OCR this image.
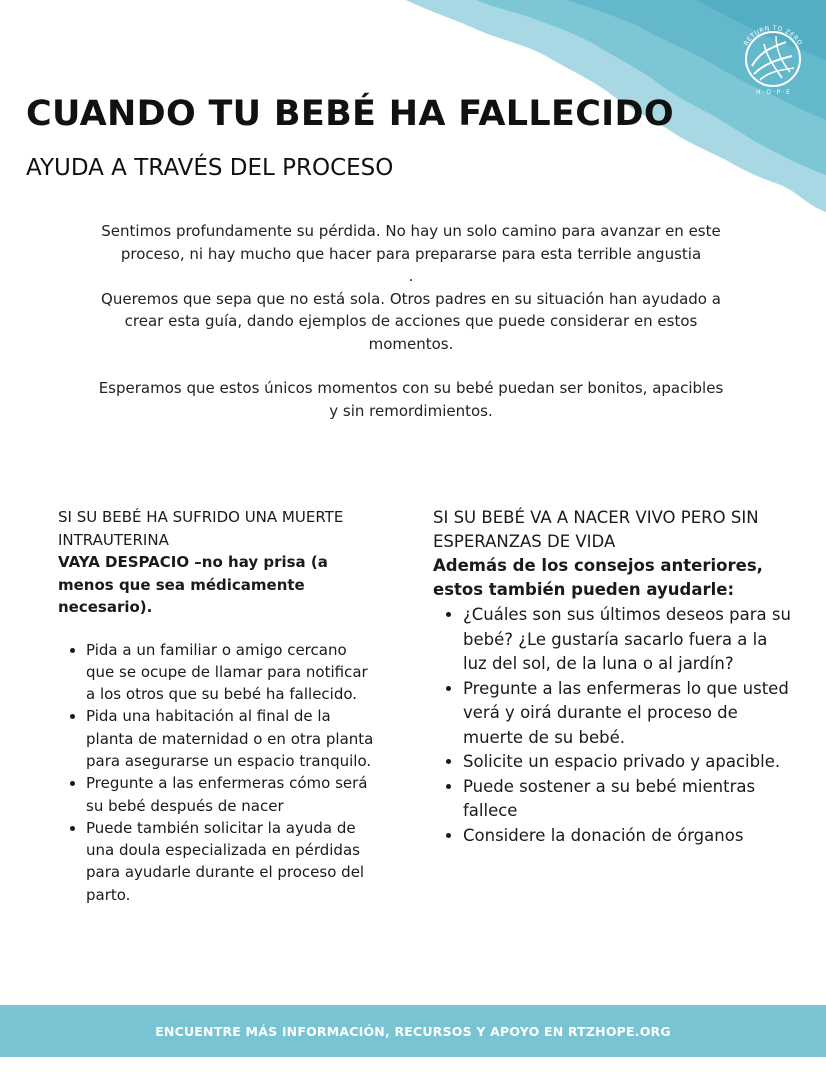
RETURN TO ZERO
H · O · P · E
CUANDO TU BEBÉ HA FALLECIDO
AYUDA A TRAVÉS DEL PROCESO

Sentimos profundamente su pérdida. No hay un solo camino para avanzar en este proceso, ni hay mucho que hacer para prepararse para esta terrible angustia

.

Queremos que sepa que no está sola. Otros padres en su situación han ayudado a crear esta guía, dando ejemplos de acciones que puede considerar en estos momentos.

Esperamos que estos únicos momentos con su bebé puedan ser bonitos, apacibles y sin remordimientos.

SI SU BEBÉ HA SUFRIDO UNA MUERTE INTRAUTERINA

VAYA DESPACIO –no hay prisa (a menos que sea médicamente necesario).

• Pida a un familiar o amigo cercano que se ocupe de llamar para notificar a los otros que su bebé ha fallecido.
• Pida una habitación al final de la planta de maternidad o en otra planta para asegurarse un espacio tranquilo.
• Pregunte a las enfermeras cómo será su bebé después de nacer
• Puede también solicitar la ayuda de una doula especializada en pérdidas para ayudarle durante el proceso del parto.

SI SU BEBÉ VA A NACER VIVO PERO SIN ESPERANZAS DE VIDA

Además de los consejos anteriores, estos también pueden ayudarle:

• ¿Cuáles son sus últimos deseos para su bebé? ¿Le gustaría sacarlo fuera a la luz del sol, de la luna o al jardín?
• Pregunte a las enfermeras lo que usted verá y oirá durante el proceso de muerte de su bebé.
• Solicite un espacio privado y apacible.
• Puede sostener a su bebé mientras fallece
• Considere la donación de órganos
ENCUENTRE MÁS INFORMACIÓN, RECURSOS Y APOYO EN RTZHOPE.ORG
